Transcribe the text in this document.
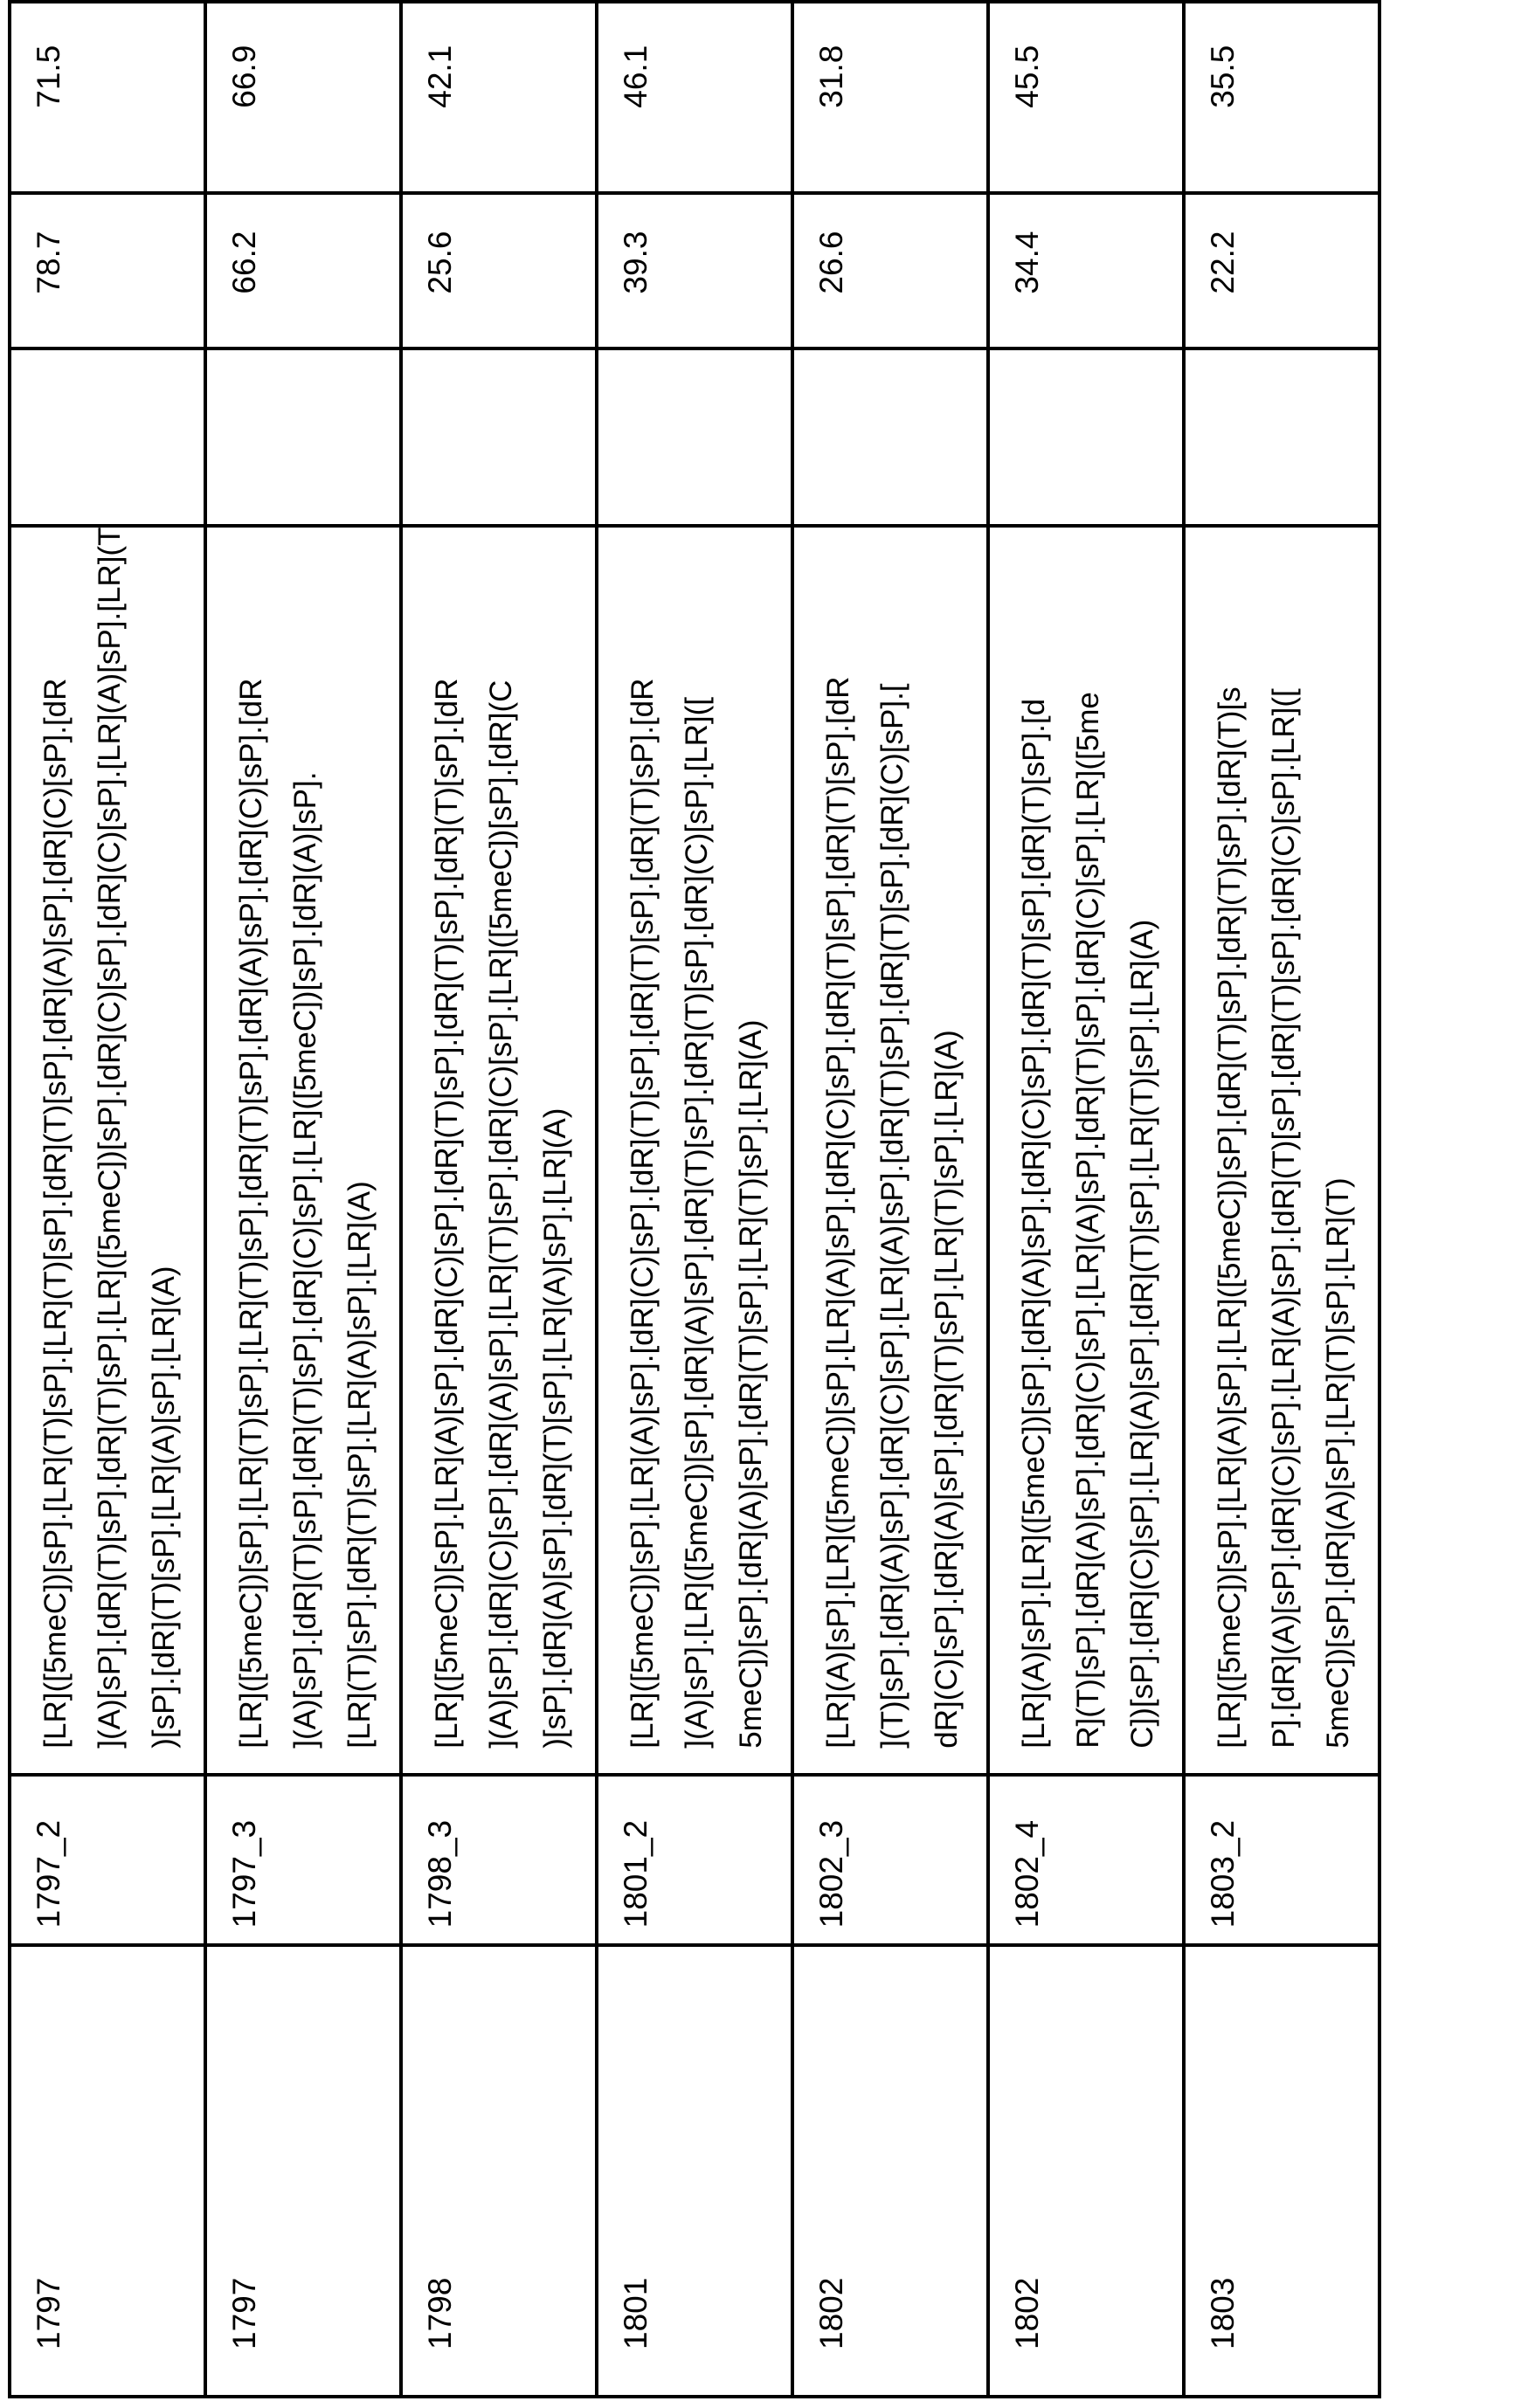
1797	1797_2	
[LR]([5meC])[sP].[LR](T)[sP].[LR](T)[sP].[dR](T)[sP].[dR](A)[sP].[dR](C)[sP].[dR ](A)[sP].[dR](T)[sP].[dR](T)[sP].[LR]([5meC])[sP].[dR](C)[sP].[dR](C)[sP].[LR](A)[sP].[LR](T )[sP].[dR](T)[sP].[LR](A)[sP].[LR](A)
		78.7	71.5
1797	1797_3	
[LR]([5meC])[sP].[LR](T)[sP].[LR](T)[sP].[dR](T)[sP].[dR](A)[sP].[dR](C)[sP].[dR ](A)[sP].[dR](T)[sP].[dR](T)[sP].[dR](C)[sP].[LR]([5meC])[sP].[dR](A)[sP]. [LR](T)[sP].[dR](T)[sP].[LR](A)[sP].[LR](A)
		66.2	66.9
1798	1798_3	
[LR]([5meC])[sP].[LR](A)[sP].[dR](C)[sP].[dR](T)[sP].[dR](T)[sP].[dR](T)[sP].[dR ](A)[sP].[dR](C)[sP].[dR](A)[sP].[LR](T)[sP].[dR](C)[sP].[LR]([5meC])[sP].[dR](C )[sP].[dR](A)[sP].[dR](T)[sP].[LR](A)[sP].[LR](A)
		25.6	42.1
1801	1801_2	
[LR]([5meC])[sP].[LR](A)[sP].[dR](C)[sP].[dR](T)[sP].[dR](T)[sP].[dR](T)[sP].[dR ](A)[sP].[LR]([5meC])[sP].[dR](A)[sP].[dR](T)[sP].[dR](T)[sP].[dR](C)[sP].[LR]([ 5meC])[sP].[dR](A)[sP].[dR](T)[sP].[LR](T)[sP].[LR](A)
		39.3	46.1
1802	1802_3	
[LR](A)[sP].[LR]([5meC])[sP].[LR](A)[sP].[dR](C)[sP].[dR](T)[sP].[dR](T)[sP].[dR ](T)[sP].[dR](A)[sP].[dR](C)[sP].[LR](A)[sP].[dR](T)[sP].[dR](T)[sP].[dR](C)[sP].[ dR](C)[sP].[dR](A)[sP].[dR](T)[sP].[LR](T)[sP].[LR](A)
		26.6	31.8
1802	1802_4	
[LR](A)[sP].[LR]([5meC])[sP].[dR](A)[sP].[dR](C)[sP].[dR](T)[sP].[dR](T)[sP].[d R](T)[sP].[dR](A)[sP].[dR](C)[sP].[LR](A)[sP].[dR](T)[sP].[dR](C)[sP].[LR]([5me C])[sP].[dR](C)[sP].[LR](A)[sP].[dR](T)[sP].[LR](T)[sP].[LR](A)
		34.4	45.5
1803	1803_2	
[LR]([5meC])[sP].[LR](A)[sP].[LR]([5meC])[sP].[dR](T)[sP].[dR](T)[sP].[dR](T)[s P].[dR](A)[sP].[dR](C)[sP].[LR](A)[sP].[dR](T)[sP].[dR](T)[sP].[dR](C)[sP].[LR]([ 5meC])[sP].[dR](A)[sP].[LR](T)[sP].[LR](T)
		22.2	35.5
